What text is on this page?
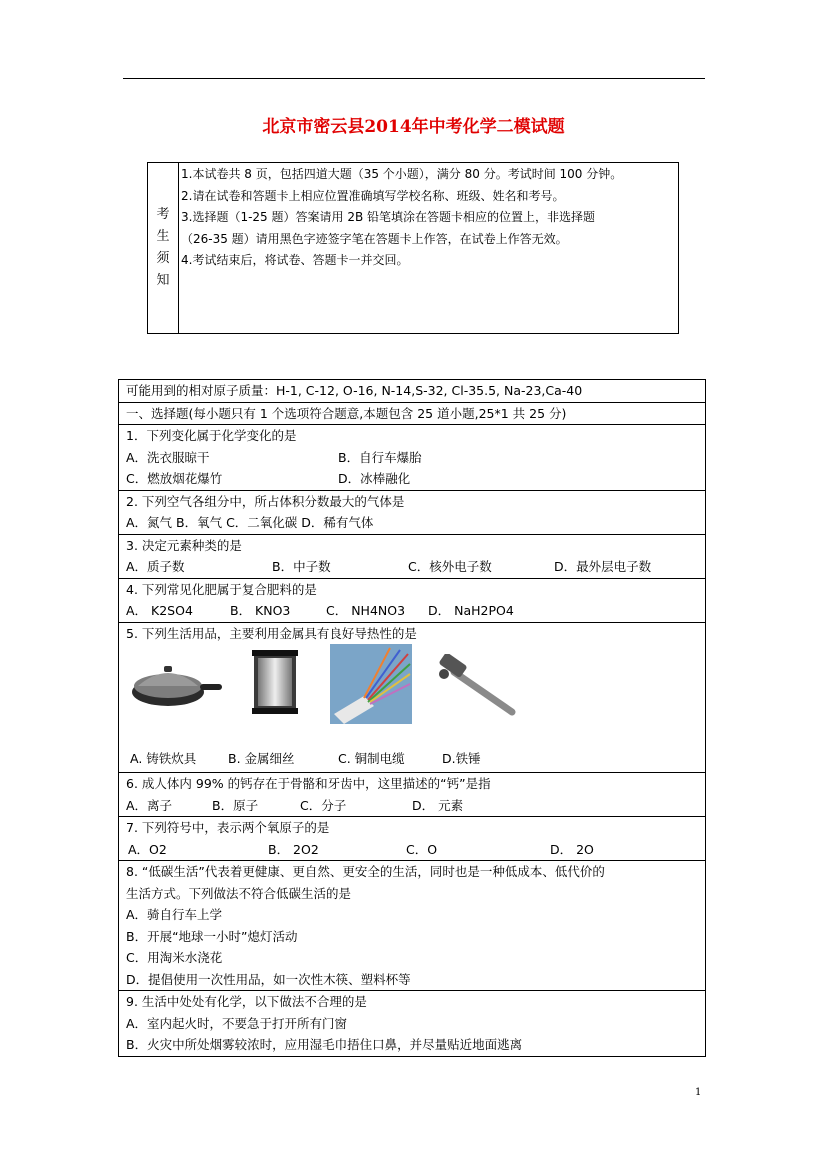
北京市密云县2014年中考化学二模试题
考
生
须
知
1.本试卷共 8 页，包括四道大题（35 个小题），满分 80 分。考试时间 100 分钟。
2.请在试卷和答题卡上相应位置准确填写学校名称、班级、姓名和考号。
3.选择题（1-25 题）答案请用 2B 铅笔填涂在答题卡相应的位置上，非选择题
（26-35 题）请用黑色字迹签字笔在答题卡上作答，在试卷上作答无效。
4.考试结束后，将试卷、答题卡一并交回。
可能用到的相对原子质量：H-1, C-12, O-16, N-14,S-32, Cl-35.5, Na-23,Ca-40

一、选择题(每小题只有 1 个选项符合题意,本题包含 25 道小题,25*1 共 25 分)

1．下列变化属于化学变化的是
A．洗衣服晾干	B．自行车爆胎
C．燃放烟花爆竹	D．冰棒融化

2. 下列空气各组分中，所占体积分数最大的气体是
A．氮气 B．氧气 C．二氧化碳 D．稀有气体

3. 决定元素种类的是
A．质子数	B．中子数	C．核外电子数	D．最外层电子数

4. 下列常见化肥属于复合肥料的是
A． K2SO4	B． KNO3	C． NH4NO3 D． NaH2PO4

5. 下列生活用品，主要利用金属具有良好导热性的是
A. 铸铁炊具	B. 金属细丝	C. 铜制电缆	D.铁锤

6. 成人体内 99% 的钙存在于骨骼和牙齿中，这里描述的“钙”是指
A．离子	B．原子	C．分子	D． 元素

7. 下列符号中，表示两个氧原子的是
A．O2	B． 2O2	C．O	D． 2O

8. “低碳生活”代表着更健康、更自然、更安全的生活，同时也是一种低成本、低代价的
生活方式。下列做法不符合低碳生活的是
A．骑自行车上学
B．开展“地球一小时”熄灯活动
C．用淘米水浇花
D．提倡使用一次性用品，如一次性木筷、塑料杯等

9. 生活中处处有化学，以下做法不合理的是
A．室内起火时，不要急于打开所有门窗
B．火灾中所处烟雾较浓时，应用湿毛巾捂住口鼻，并尽量贴近地面逃离
1
